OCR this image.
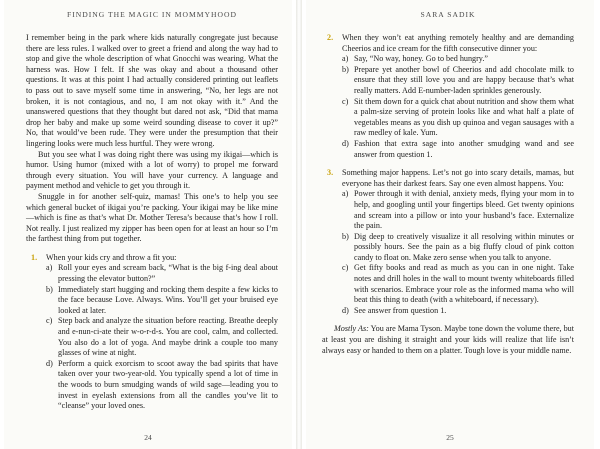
FINDING THE MAGIC IN MOMMYHOOD

I remember being in the park where kids naturally congregate just because there are less rules. I walked over to greet a friend and along the way had to stop and give the whole description of what Gnocchi was wearing. What the harness was. How I felt. If she was okay and about a thousand other questions. It was at this point I had actually considered printing out leaflets to pass out to save myself some time in answering, “No, her legs are not broken, it is not contagious, and no, I am not okay with it.” And the unanswered questions that they thought but dared not ask, “Did that mama drop her baby and make up some weird sounding disease to cover it up?” No, that would’ve been rude. They were under the presumption that their lingering looks were much less hurtful. They were wrong.

But you see what I was doing right there was using my ikigai—which is humor. Using humor (mixed with a lot of worry) to propel me forward through every situation. You will have your currency. A language and payment method and vehicle to get you through it.

Snuggle in for another self-quiz, mamas! This one’s to help you see which general bucket of ikigai you’re packing. Your ikigai may be like mine—which is fine as that’s what Dr. Mother Teresa’s because that’s how I roll. Not really. I just realized my zipper has been open for at least an hour so I’m the farthest thing from put together.

1. When your kids cry and throw a fit you:
a) Roll your eyes and scream back, “What is the big f-ing deal about pressing the elevator button?”
b) Immediately start hugging and rocking them despite a few kicks to the face because Love. Always. Wins. You’ll get your bruised eye looked at later.
c) Step back and analyze the situation before reacting. Breathe deeply and e-nun-ci-ate their w-o-r-d-s. You are cool, calm, and collected. You also do a lot of yoga. And maybe drink a couple too many glasses of wine at night.
d) Perform a quick exorcism to scoot away the bad spirits that have taken over your two-year-old. You typically spend a lot of time in the woods to burn smudging wands of wild sage—leading you to invest in eyelash extensions from all the candles you’ve lit to “cleanse” your loved ones.
24
SARA SADIK
2. When they won’t eat anything remotely healthy and are demanding Cheerios and ice cream for the fifth consecutive dinner you:
a) Say, “No way, honey. Go to bed hungry.”
b) Prepare yet another bowl of Cheerios and add chocolate milk to ensure that they still love you and are happy because that’s what really matters. Add E-number-laden sprinkles generously.
c) Sit them down for a quick chat about nutrition and show them what a palm-size serving of protein looks like and what half a plate of vegetables means as you dish up quinoa and vegan sausages with a raw medley of kale. Yum.
d) Fashion that extra sage into another smudging wand and see answer from question 1.
3. Something major happens. Let’s not go into scary details, mamas, but everyone has their darkest fears. Say one even almost happens. You:
a) Power through it with denial, anxiety meds, flying your mom in to help, and googling until your fingertips bleed. Get twenty opinions and scream into a pillow or into your husband’s face. Externalize the pain.
b) Dig deep to creatively visualize it all resolving within minutes or possibly hours. See the pain as a big fluffy cloud of pink cotton candy to float on. Make zero sense when you talk to anyone.
c) Get fifty books and read as much as you can in one night. Take notes and drill holes in the wall to mount twenty whiteboards filled with scenarios. Embrace your role as the informed mama who will beat this thing to death (with a whiteboard, if necessary).
d) See answer from question 1.

Mostly As: You are Mama Tyson. Maybe tone down the volume there, but at least you are dishing it straight and your kids will realize that life isn’t always easy or handed to them on a platter. Tough love is your middle name.

25
